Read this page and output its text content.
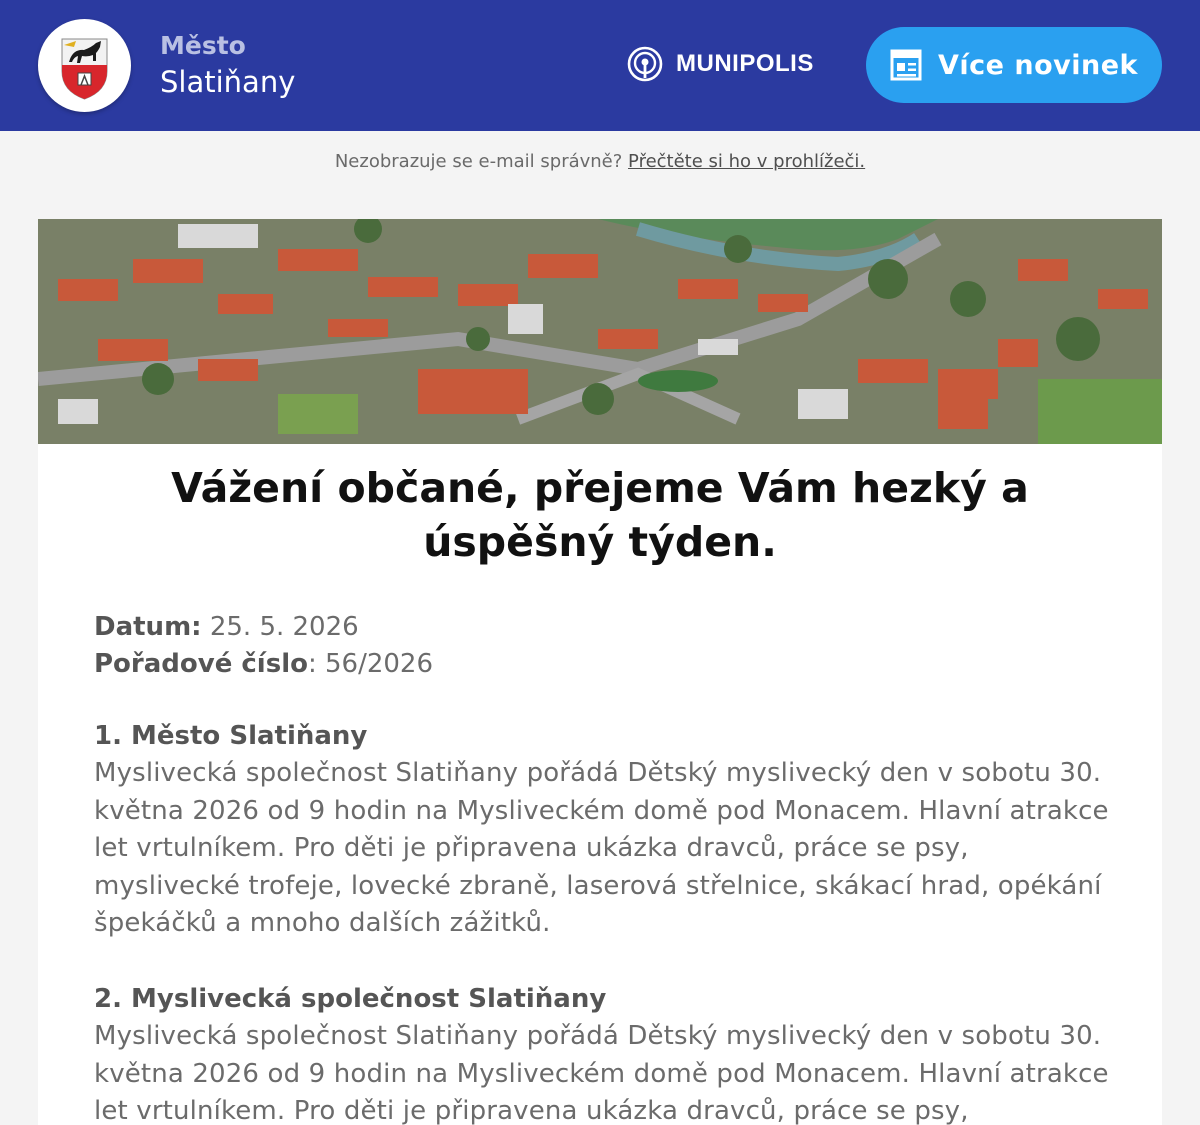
Město
Slatiňany
MUNIPOLIS	Více novinek
Nezobrazuje se e-mail správně? Přečtěte si ho v prohlížeči.
Vážení občané, přejeme Vám hezký a úspěšný týden.
Datum: 25. 5. 2026
Pořadové číslo: 56/2026
1. Město Slatiňany

Myslivecká společnost Slatiňany pořádá Dětský myslivecký den v sobotu 30. května 2026 od 9 hodin na Mysliveckém domě pod Monacem. Hlavní atrakce let vrtulníkem. Pro děti je připravena ukázka dravců, práce se psy, myslivecké trofeje, lovecké zbraně, laserová střelnice, skákací hrad, opékání špekáčků a mnoho dalších zážitků.

2. Myslivecká společnost Slatiňany

Myslivecká společnost Slatiňany pořádá Dětský myslivecký den v sobotu 30. května 2026 od 9 hodin na Mysliveckém domě pod Monacem. Hlavní atrakce let vrtulníkem. Pro děti je připravena ukázka dravců, práce se psy,
